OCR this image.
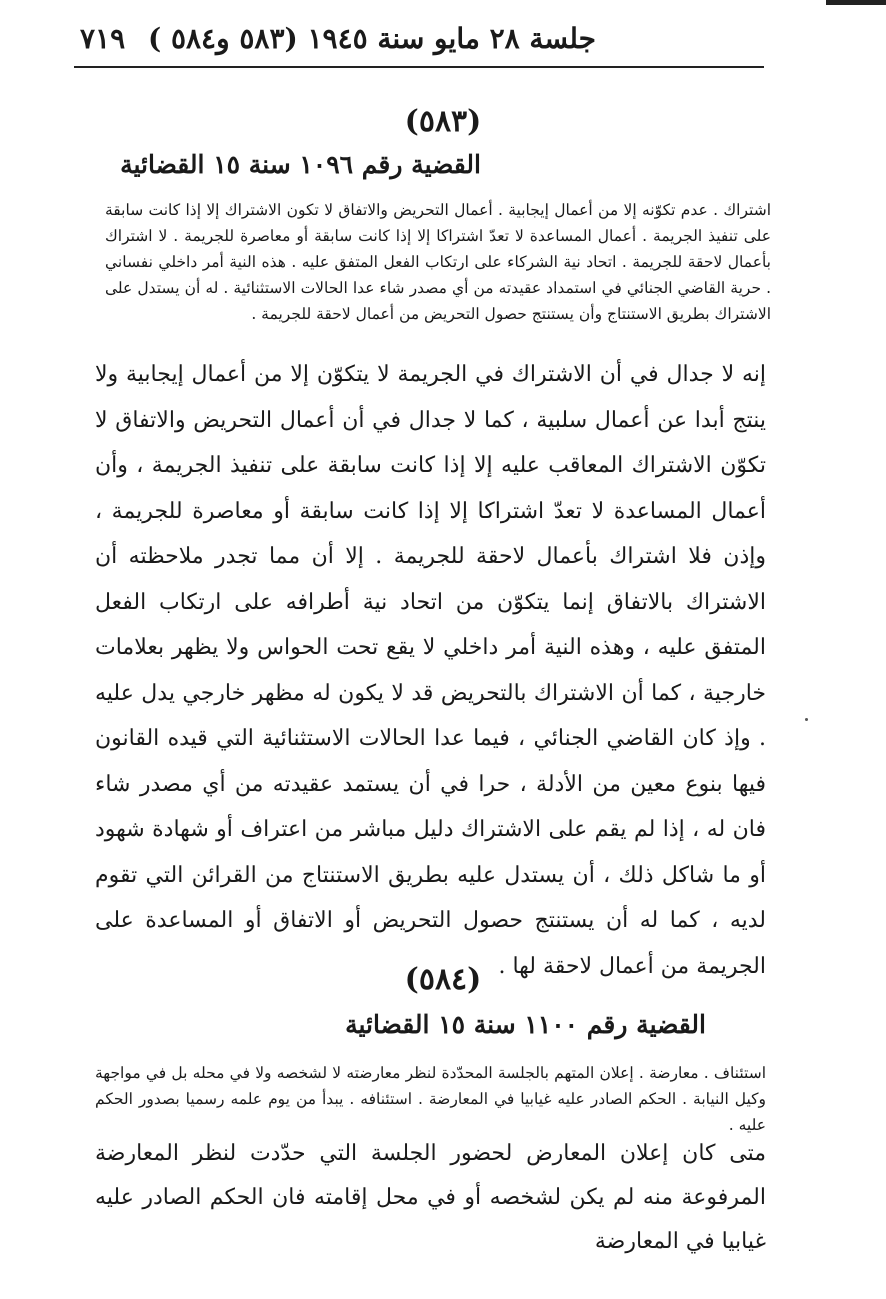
جلسة ٢٨ مايو سنة ١٩٤٥ (٥٨٣ و٥٨٤ )
٧١٩
(٥٨٣)
القضية رقم ١٠٩٦ سنة ١٥ القضائية
اشتراك . عدم تكوّنه إلا من أعمال إيجابية . أعمال التحريض والاتفاق لا تكون الاشتراك إلا إذا كانت سابقة على تنفيذ الجريمة . أعمال المساعدة لا تعدّ اشتراكا إلا إذا كانت سابقة أو معاصرة للجريمة . لا اشتراك بأعمال لاحقة للجريمة . اتحاد نية الشركاء على ارتكاب الفعل المتفق عليه . هذه النية أمر داخلي نفساني . حرية القاضي الجنائي في استمداد عقيدته من أي مصدر شاء عدا الحالات الاستثنائية . له أن يستدل على الاشتراك بطريق الاستنتاج وأن يستنتج حصول التحريض من أعمال لاحقة للجريمة .
إنه لا جدال في أن الاشتراك في الجريمة لا يتكوّن إلا من أعمال إيجابية ولا ينتج أبدا عن أعمال سلبية ، كما لا جدال في أن أعمال التحريض والاتفاق لا تكوّن الاشتراك المعاقب عليه إلا إذا كانت سابقة على تنفيذ الجريمة ، وأن أعمال المساعدة لا تعدّ اشتراكا إلا إذا كانت سابقة أو معاصرة للجريمة ، وإذن فلا اشتراك بأعمال لاحقة للجريمة . إلا أن مما تجدر ملاحظته أن الاشتراك بالاتفاق إنما يتكوّن من اتحاد نية أطرافه على ارتكاب الفعل المتفق عليه ، وهذه النية أمر داخلي لا يقع تحت الحواس ولا يظهر بعلامات خارجية ، كما أن الاشتراك بالتحريض قد لا يكون له مظهر خارجي يدل عليه . وإذ كان القاضي الجنائي ، فيما عدا الحالات الاستثنائية التي قيده القانون فيها بنوع معين من الأدلة ، حرا في أن يستمد عقيدته من أي مصدر شاء فان له ، إذا لم يقم على الاشتراك دليل مباشر من اعتراف أو شهادة شهود أو ما شاكل ذلك ، أن يستدل عليه بطريق الاستنتاج من القرائن التي تقوم لديه ، كما له أن يستنتج حصول التحريض أو الاتفاق أو المساعدة على الجريمة من أعمال لاحقة لها .
(٥٨٤)
القضية رقم ١١٠٠ سنة ١٥ القضائية
استئناف . معارضة . إعلان المتهم بالجلسة المحدّدة لنظر معارضته لا لشخصه ولا في محله بل في مواجهة وكيل النيابة . الحكم الصادر عليه غيابيا في المعارضة . استئنافه . يبدأ من يوم علمه رسميا بصدور الحكم عليه .
متى كان إعلان المعارض لحضور الجلسة التي حدّدت لنظر المعارضة المرفوعة منه لم يكن لشخصه أو في محل إقامته فان الحكم الصادر عليه غيابيا في المعارضة
